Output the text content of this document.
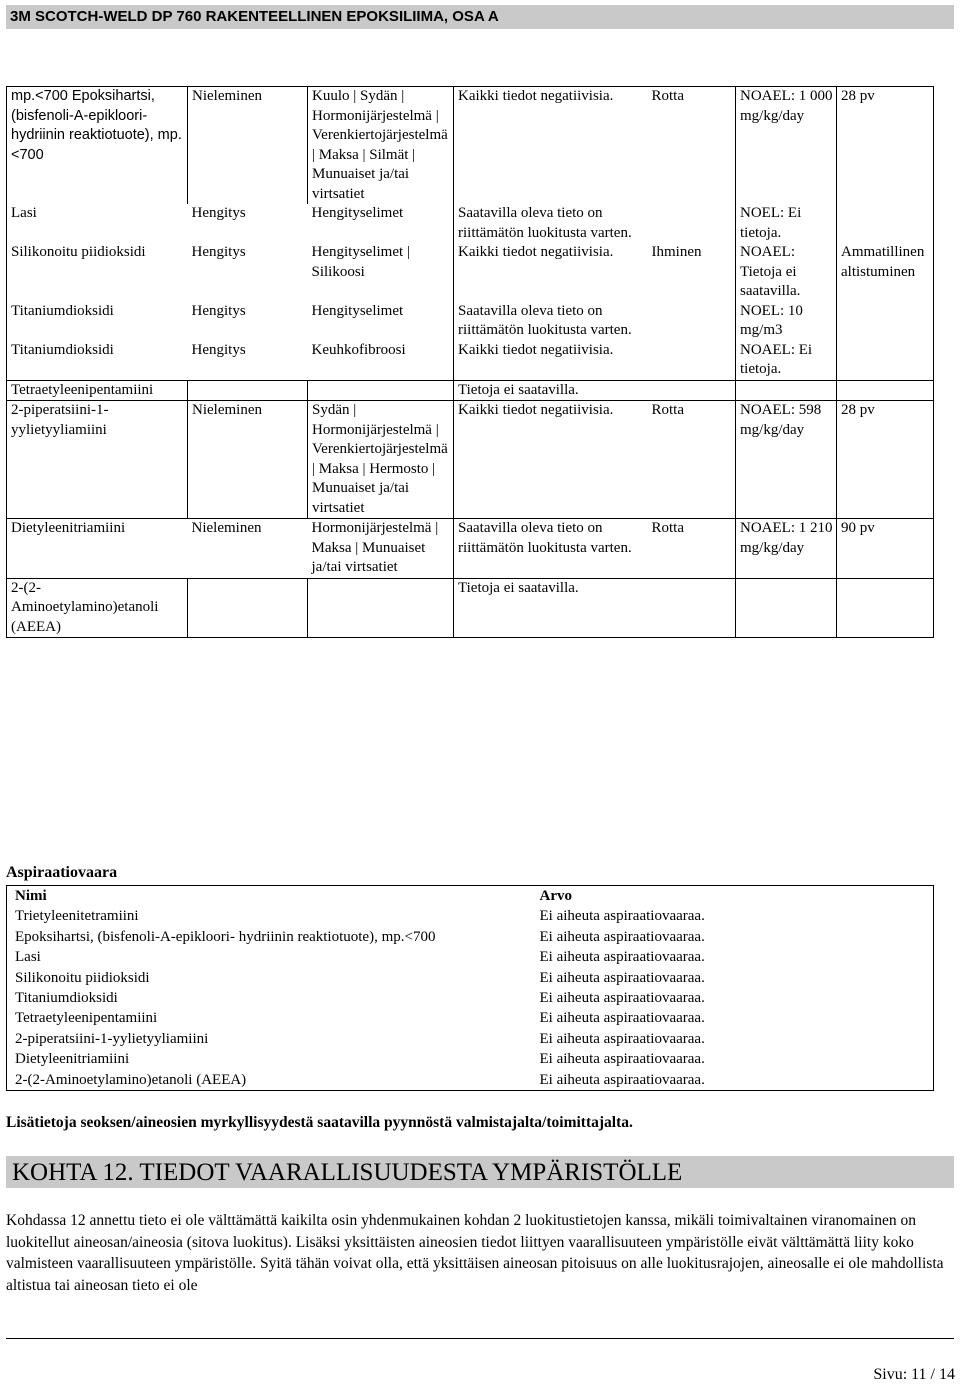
3M SCOTCH-WELD DP 760 RAKENTEELLINEN EPOKSILIIMA, OSA A
mp.<700 Epoksihartsi, (bisfenoli-A-epikloori-hydriinin reaktiotuote), mp.<700	Nieleminen	Kuulo | Sydän | Hormonijärjestelmä | Verenkiertojärjestelmä | Maksa | Silmät | Munuaiset ja/tai virtsatiet	Kaikki tiedot negatiivisia.	Rotta	NOAEL: 1 000 mg/kg/day	28 pv
Lasi	Hengitys	Hengityselimet	Saatavilla oleva tieto on riittämätön luokitusta varten.		NOEL: Ei tietoja.	
Silikonoitu piidioksidi	Hengitys	Hengityselimet | Silikoosi	Kaikki tiedot negatiivisia.	Ihminen	NOAEL: Tietoja ei saatavilla.	Ammatillinen altistuminen
Titaniumdioksidi	Hengitys	Hengityselimet	Saatavilla oleva tieto on riittämätön luokitusta varten.		NOEL: 10 mg/m3	
Titaniumdioksidi	Hengitys	Keuhkofibroosi	Kaikki tiedot negatiivisia.		NOAEL: Ei tietoja.	
Tetraetyleenipentamiini			Tietoja ei saatavilla.			
2-piperatsiini-1-yylietyyliamiini	Nieleminen	Sydän | Hormonijärjestelmä | Verenkiertojärjestelmä | Maksa | Hermosto | Munuaiset ja/tai virtsatiet	Kaikki tiedot negatiivisia.	Rotta	NOAEL: 598 mg/kg/day	28 pv
Dietyleenitriamiini	Nieleminen	Hormonijärjestelmä | Maksa | Munuaiset ja/tai virtsatiet	Saatavilla oleva tieto on riittämätön luokitusta varten.	Rotta	NOAEL: 1 210 mg/kg/day	90 pv
2-(2-Aminoetylamino)etanoli (AEEA)			Tietoja ei saatavilla.			
Aspiraatiovaara
Nimi	Arvo
Trietyleenitetramiini	Ei aiheuta aspiraatiovaaraa.
Epoksihartsi, (bisfenoli-A-epikloori- hydriinin reaktiotuote), mp.<700	Ei aiheuta aspiraatiovaaraa.
Lasi	Ei aiheuta aspiraatiovaaraa.
Silikonoitu piidioksidi	Ei aiheuta aspiraatiovaaraa.
Titaniumdioksidi	Ei aiheuta aspiraatiovaaraa.
Tetraetyleenipentamiini	Ei aiheuta aspiraatiovaaraa.
2-piperatsiini-1-yylietyyliamiini	Ei aiheuta aspiraatiovaaraa.
Dietyleenitriamiini	Ei aiheuta aspiraatiovaaraa.
2-(2-Aminoetylamino)etanoli (AEEA)	Ei aiheuta aspiraatiovaaraa.
Lisätietoja seoksen/aineosien myrkyllisyydestä saatavilla pyynnöstä valmistajalta/toimittajalta.
KOHTA 12. TIEDOT VAARALLISUUDESTA YMPÄRISTÖLLE
Kohdassa 12 annettu tieto ei ole välttämättä kaikilta osin yhdenmukainen kohdan 2 luokitustietojen kanssa, mikäli toimivaltainen viranomainen on luokitellut aineosan/aineosia (sitova luokitus). Lisäksi yksittäisten aineosien tiedot liittyen vaarallisuuteen ympäristölle eivät välttämättä liity koko valmisteen vaarallisuuteen ympäristölle. Syitä tähän voivat olla, että yksittäisen aineosan pitoisuus on alle luokitusrajojen, aineosalle ei ole mahdollista altistua tai aineosan tieto ei ole
Sivu: 11 / 14
